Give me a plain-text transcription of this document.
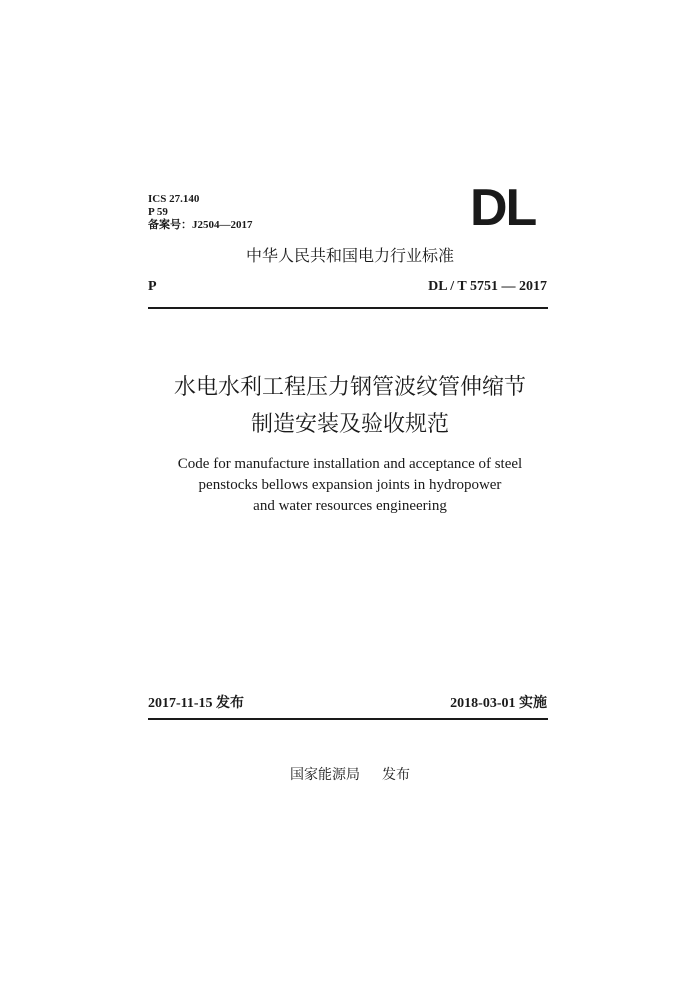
ICS 27.140
P 59
备案号：J2504—2017	DL
中华人民共和国电力行业标准
P	DL / T 5751 — 2017
水电水利工程压力钢管波纹管伸缩节
制造安装及验收规范
Code for manufacture installation and acceptance of steel
penstocks bellows expansion joints in hydropower
and water resources engineering
2017-11-15 发布	2018-03-01 实施
国家能源局 发布
